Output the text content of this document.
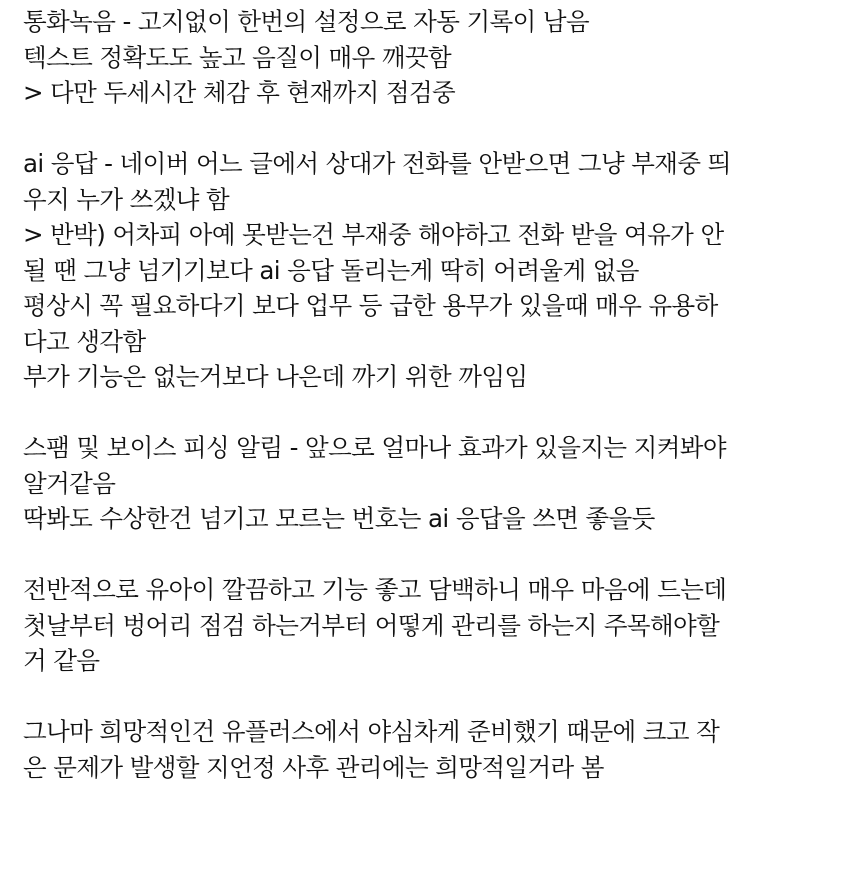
통화녹음 - 고지없이 한번의 설정으로 자동 기록이 남음
텍스트 정확도도 높고 음질이 매우 깨끗함
> 다만 두세시간 체감 후 현재까지 점검중
ai 응답 - 네이버 어느 글에서 상대가 전화를 안받으면 그냥 부재중 띄
우지 누가 쓰겠냐 함
> 반박) 어차피 아예 못받는건 부재중 해야하고 전화 받을 여유가 안
될 땐 그냥 넘기기보다 ai 응답 돌리는게 딱히 어려울게 없음
평상시 꼭 필요하다기 보다 업무 등 급한 용무가 있을때 매우 유용하
다고 생각함
부가 기능은 없는거보다 나은데 까기 위한 까임임
스팸 및 보이스 피싱 알림 - 앞으로 얼마나 효과가 있을지는 지켜봐야
알거같음
딱봐도 수상한건 넘기고 모르는 번호는 ai 응답을 쓰면 좋을듯
전반적으로 유아이 깔끔하고 기능 좋고 담백하니 매우 마음에 드는데
첫날부터 벙어리 점검 하는거부터 어떻게 관리를 하는지 주목해야할
거 같음
그나마 희망적인건 유플러스에서 야심차게 준비했기 때문에 크고 작
은 문제가 발생할 지언정 사후 관리에는 희망적일거라 봄
